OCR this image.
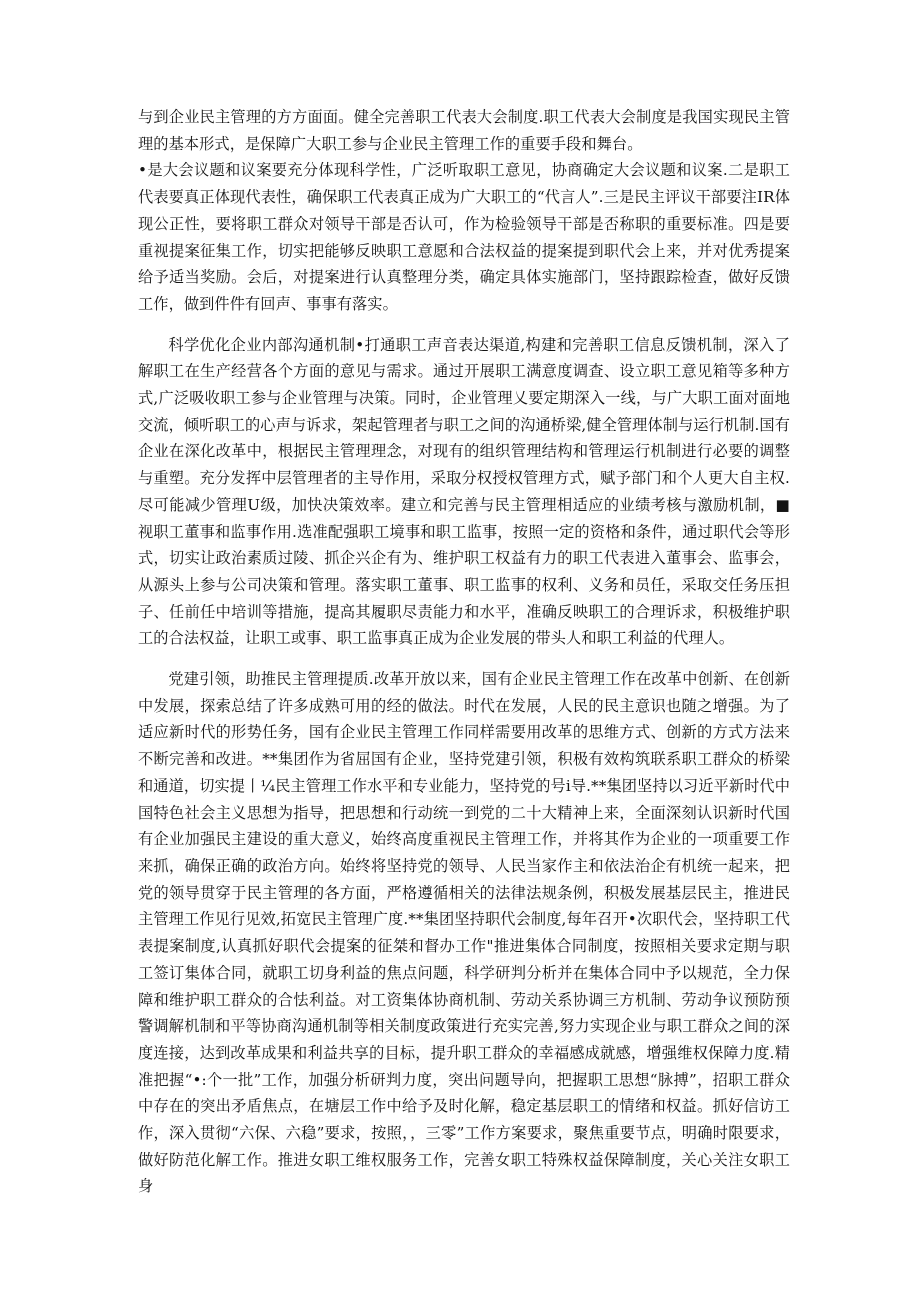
与到企业民主管理的方方面面。健全完善职工代表大会制度.职工代表大会制度是我国实现民主管理的基本形式，是保障广大职工参与企业民主管理工作的重要手段和舞台。

•是大会议题和议案要充分体现科学性，广泛听取职工意见，协商确定大会议题和议案.二是职工代表要真正体现代表性，确保职工代表真正成为广大职工的“代言人”.三是民主评议干部要注IR体现公正性，要将职工群众对领导干部是否认可，作为检验领导干部是否称职的重要标准。四是要重视提案征集工作，切实把能够反映职工意愿和合法权益的提案提到职代会上来，并对优秀提案给予适当奖励。会后，对提案进行认真整理分类，确定具体实施部门，坚持跟踪检查，做好反馈工作，做到件件有回声、事事有落实。

科学优化企业内部沟通机制•打通职工声音表达渠道,构建和完善职工信息反馈机制，深入了解职工在生产经营各个方面的意见与需求。通过开展职工满意度调查、设立职工意见箱等多种方式,广泛吸收职工参与企业管理与决策。同时，企业管理乂要定期深入一线，与广大职工面对面地交流，倾听职工的心声与诉求，架起管理者与职工之间的沟通桥梁,健全管理体制与运行机制.国有企业在深化改革中，根据民主管理理念，对现有的组织管理结构和管理运行机制进行必要的调整与重塑。充分发挥中层管理者的主导作用，采取分权授权管理方式，赋予部门和个人更大自主权.尽可能减少管理U级，加快决策效率。建立和完善与民主管理相适应的业绩考核与激励机制，■视职工董事和监事作用.选准配强职工境事和职工监事，按照一定的资格和条件，通过职代会等形式，切实让政治素质过陵、抓企兴企有为、维护职工权益有力的职工代表进入董事会、监事会，从源头上参与公司决策和管理。落实职工董事、职工监事的权利、义务和员任，采取交任务压担子、任前任中培训等措施，提高其履职尽责能力和水平，准确反映职工的合理诉求，积极维护职工的合法权益，让职工或事、职工监事真正成为企业发展的带头人和职工利益的代理人。

党建引领，助推民主管理提质.改革开放以来，国有企业民主管理工作在改革中创新、在创新中发展，探索总结了许多成熟可用的经的做法。时代在发展，人民的民主意识也随之增强。为了适应新时代的形势任务，国有企业民主管理工作同样需要用改革的思维方式、创新的方式方法来不断完善和改进。**集团作为省屈国有企业，坚持党建引领，积极有效构筑联系职工群众的桥梁和通道，切实提丨¼民主管理工作水平和专业能力，坚持党的号i导.**集团坚持以习近平新时代中国特色社会主义思想为指导，把思想和行动统一到党的二十大精神上来，全面深刻认识新时代国有企业加强民主建设的重大意义，始终高度重视民主管理工作，并将其作为企业的一项重要工作来抓，确保正确的政治方向。始终将坚持党的领导、人民当家作主和依法治企有机统一起来，把党的领导贯穿于民主管理的各方面，严格遵循相关的法律法规条例，积极发展基层民主，推进民主管理工作见行见效,拓宽民主管理广度.**集团坚持职代会制度,每年召开•次职代会，坚持职工代表提案制度,认真抓好职代会提案的征桀和督办工作"推进集体合同制度，按照相关要求定期与职工签订集体合同，就职工切身利益的焦点问题，科学研判分析并在集体合同中予以规范，全力保障和维护职工群众的合怯利益。对工资集体协商机制、劳动关系协调三方机制、劳动争议预防预警调解机制和平等协商沟通机制等相关制度政策进行充实完善,努力实现企业与职工群众之间的深度连接，达到改革成果和利益共享的目标，提升职工群众的幸福感成就感，增强维权保障力度.精准把握“•:个一批”工作，加强分析研判力度，突出问题导向，把握职工思想“脉搏”，招职工群众中存在的突出矛盾焦点，在塘层工作中给予及时化解，稳定基层职工的情绪和权益。抓好信访工作，深入贯彻“六保、六稳”要求，按照，，三零”工作方案要求，聚焦重要节点，明确时限要求，做好防范化解工作。推进女职工维权服务工作，完善女职工特殊权益保障制度，关心关注女职工身
